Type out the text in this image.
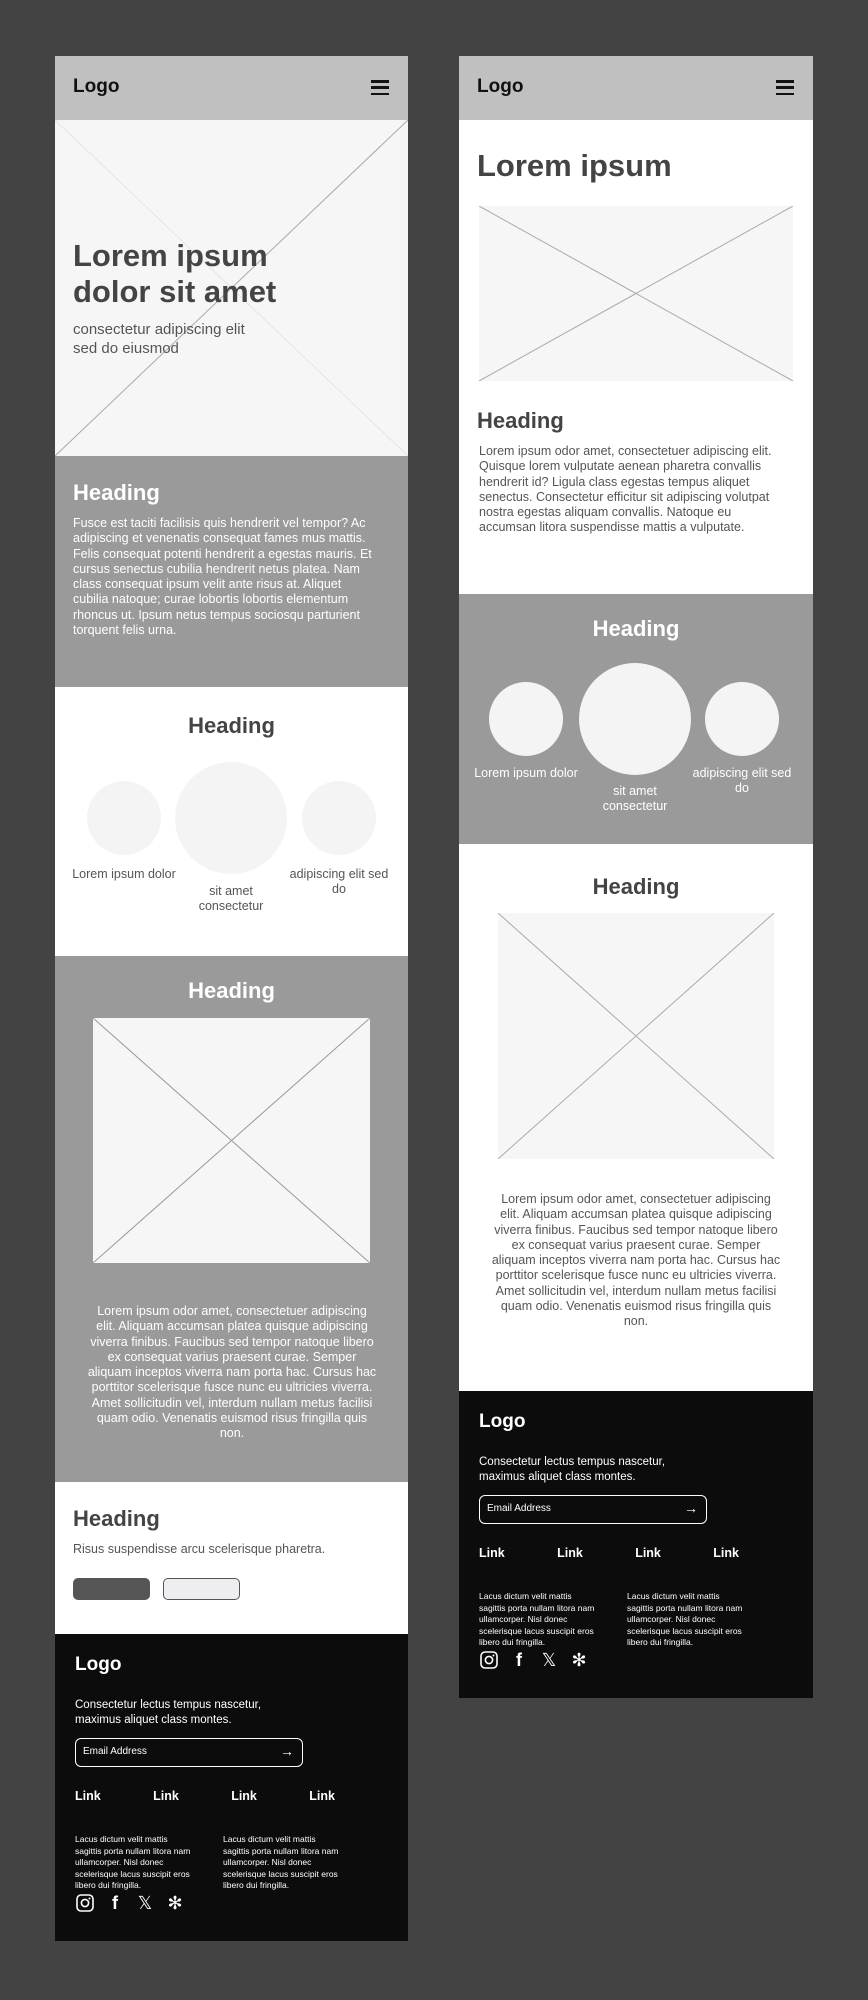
Logo
Lorem ipsum
dolor sit amet
consectetur adipiscing elit
sed do eiusmod
Heading
Fusce est taciti facilisis quis hendrerit vel tempor? Ac adipiscing et venenatis consequat fames mus mattis. Felis consequat potenti hendrerit a egestas mauris. Et cursus senectus cubilia hendrerit netus platea. Nam class consequat ipsum velit ante risus at. Aliquet cubilia natoque; curae lobortis lobortis elementum rhoncus ut. Ipsum netus tempus sociosqu parturient torquent felis urna.
Heading
Lorem ipsum dolor
sit amet consectetur
adipiscing elit sed do
Heading
Lorem ipsum odor amet, consectetuer adipiscing elit. Aliquam accumsan platea quisque adipiscing viverra finibus. Faucibus sed tempor natoque libero ex consequat varius praesent curae. Semper aliquam inceptos viverra nam porta hac. Cursus hac porttitor scelerisque fusce nunc eu ultricies viverra. Amet sollicitudin vel, interdum nullam metus facilisi quam odio. Venenatis euismod risus fringilla quis non.
Heading
Risus suspendisse arcu scelerisque pharetra.
Logo
Consectetur lectus tempus nascetur, maximus aliquet class montes.
Email Address	→
Link	Link	Link	Link
Lacus dictum velit mattis sagittis porta nullam litora nam ullamcorper. Nisl donec scelerisque lacus suscipit eros libero dui fringilla.
Lacus dictum velit mattis sagittis porta nullam litora nam ullamcorper. Nisl donec scelerisque lacus suscipit eros libero dui fringilla.
f	𝕏 ✻
Logo
Lorem ipsum
Heading
Lorem ipsum odor amet, consectetuer adipiscing elit. Quisque lorem vulputate aenean pharetra convallis hendrerit id? Ligula class egestas tempus aliquet senectus. Consectetur efficitur sit adipiscing volutpat nostra egestas aliquam convallis. Natoque eu accumsan litora suspendisse mattis a vulputate.
Heading
Lorem ipsum dolor
sit amet consectetur
adipiscing elit sed do
Heading
Lorem ipsum odor amet, consectetuer adipiscing elit. Aliquam accumsan platea quisque adipiscing viverra finibus. Faucibus sed tempor natoque libero ex consequat varius praesent curae. Semper aliquam inceptos viverra nam porta hac. Cursus hac porttitor scelerisque fusce nunc eu ultricies viverra. Amet sollicitudin vel, interdum nullam metus facilisi quam odio. Venenatis euismod risus fringilla quis non.
Logo
Consectetur lectus tempus nascetur, maximus aliquet class montes.
Email Address	→
Link	Link	Link	Link
Lacus dictum velit mattis sagittis porta nullam litora nam ullamcorper. Nisl donec scelerisque lacus suscipit eros libero dui fringilla.
Lacus dictum velit mattis sagittis porta nullam litora nam ullamcorper. Nisl donec scelerisque lacus suscipit eros libero dui fringilla.
f	𝕏 ✻
